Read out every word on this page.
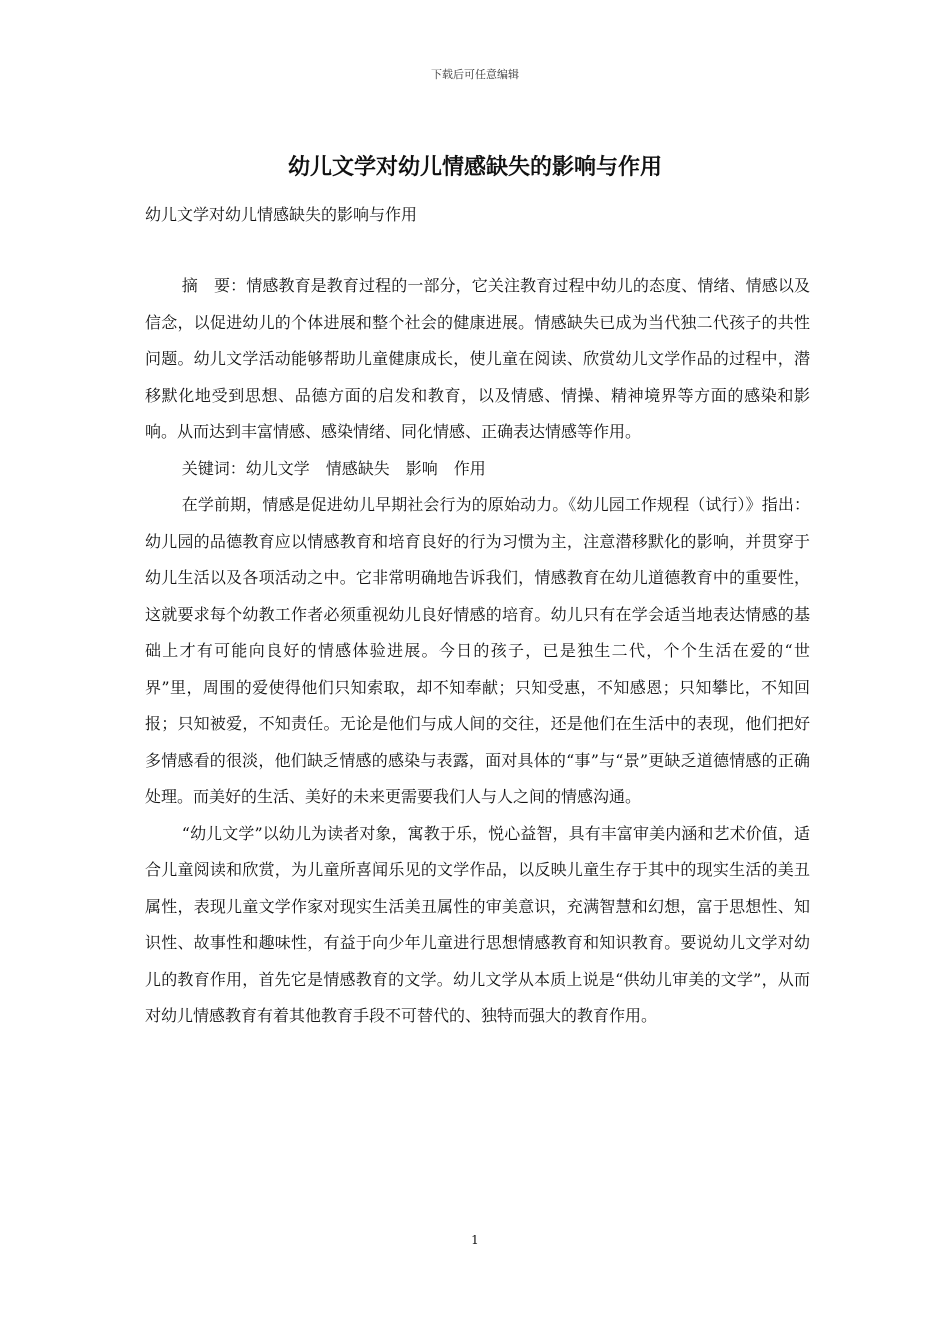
下载后可任意编辑
幼儿文学对幼儿情感缺失的影响与作用
幼儿文学对幼儿情感缺失的影响与作用

摘　要：情感教育是教育过程的一部分，它关注教育过程中幼儿的态度、情绪、情感以及信念，以促进幼儿的个体进展和整个社会的健康进展。情感缺失已成为当代独二代孩子的共性问题。幼儿文学活动能够帮助儿童健康成长，使儿童在阅读、欣赏幼儿文学作品的过程中，潜移默化地受到思想、品德方面的启发和教育，以及情感、情操、精神境界等方面的感染和影响。从而达到丰富情感、感染情绪、同化情感、正确表达情感等作用。

关键词：幼儿文学　情感缺失　影响　作用

在学前期，情感是促进幼儿早期社会行为的原始动力。《幼儿园工作规程（试行）》指出：幼儿园的品德教育应以情感教育和培育良好的行为习惯为主，注意潜移默化的影响，并贯穿于幼儿生活以及各项活动之中。它非常明确地告诉我们，情感教育在幼儿道德教育中的重要性，这就要求每个幼教工作者必须重视幼儿良好情感的培育。幼儿只有在学会适当地表达情感的基础上才有可能向良好的情感体验进展。今日的孩子，已是独生二代，个个生活在爱的“世界”里，周围的爱使得他们只知索取，却不知奉献；只知受惠，不知感恩；只知攀比，不知回报；只知被爱，不知责任。无论是他们与成人间的交往，还是他们在生活中的表现，他们把好多情感看的很淡，他们缺乏情感的感染与表露，面对具体的“事”与“景”更缺乏道德情感的正确处理。而美好的生活、美好的未来更需要我们人与人之间的情感沟通。

“幼儿文学”以幼儿为读者对象，寓教于乐，悦心益智，具有丰富审美内涵和艺术价值，适合儿童阅读和欣赏，为儿童所喜闻乐见的文学作品，以反映儿童生存于其中的现实生活的美丑属性，表现儿童文学作家对现实生活美丑属性的审美意识，充满智慧和幻想，富于思想性、知识性、故事性和趣味性，有益于向少年儿童进行思想情感教育和知识教育。要说幼儿文学对幼儿的教育作用，首先它是情感教育的文学。幼儿文学从本质上说是“供幼儿审美的文学”，从而对幼儿情感教育有着其他教育手段不可替代的、独特而强大的教育作用。

1
